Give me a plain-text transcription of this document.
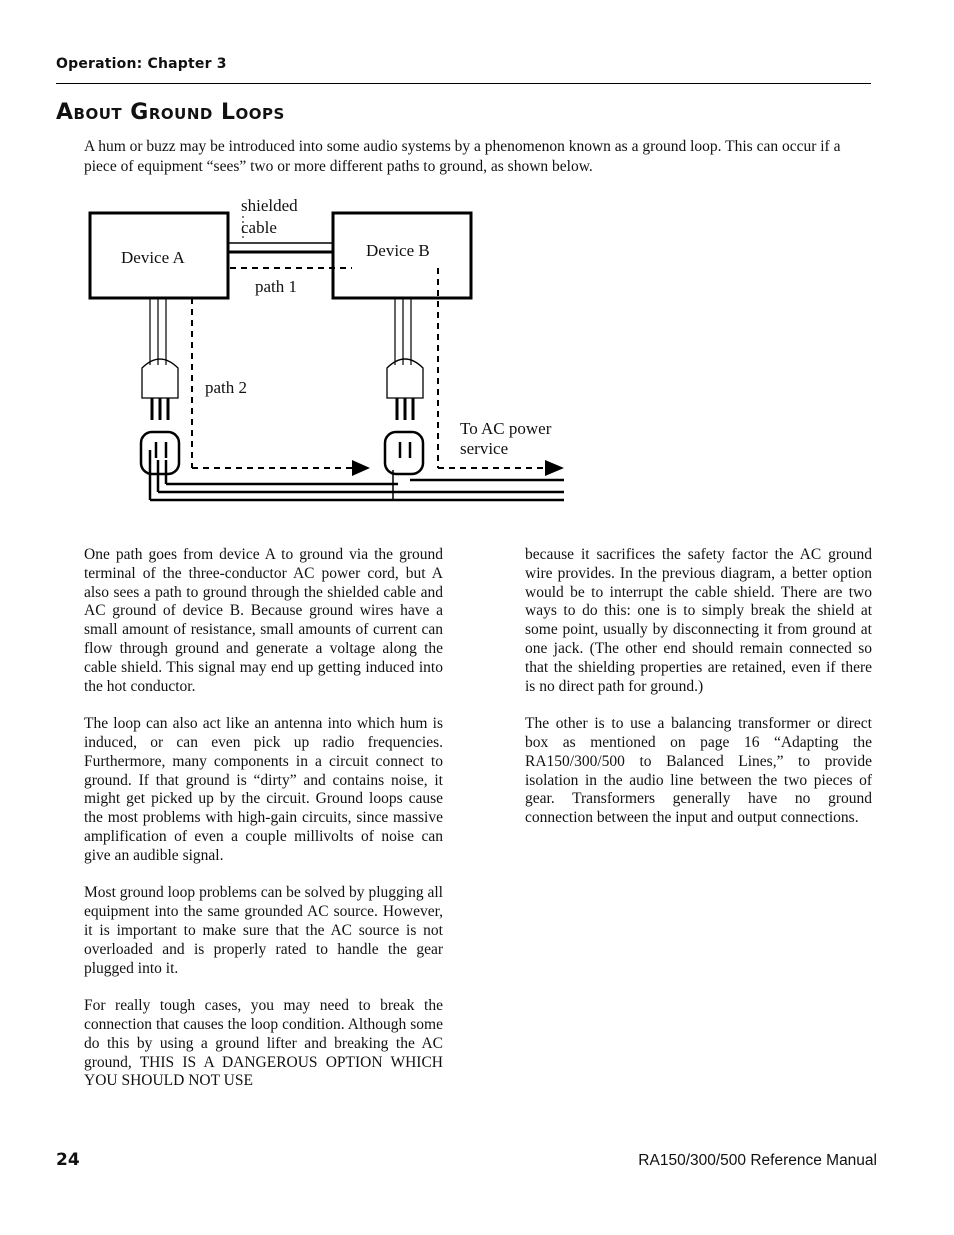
Operation: Chapter 3
About Ground Loops
A hum or buzz may be introduced into some audio systems by a phenomenon known as a ground loop. This can occur if a piece of equipment “sees” two or more different paths to ground, as shown below.
Device A	Device B
shielded
cable
path 1
path 2
To AC power
service

One path goes from device A to ground via the ground terminal of the three-conductor AC power cord, but A also sees a path to ground through the shielded cable and AC ground of device B. Because ground wires have a small amount of resistance, small amounts of current can flow through ground and generate a voltage along the cable shield. This signal may end up getting induced into the hot conductor.

The loop can also act like an antenna into which hum is induced, or can even pick up radio frequencies. Furthermore, many components in a circuit connect to ground. If that ground is “dirty” and contains noise, it might get picked up by the circuit. Ground loops cause the most problems with high-gain circuits, since massive amplification of even a couple millivolts of noise can give an audible signal.

Most ground loop problems can be solved by plugging all equipment into the same grounded AC source. However, it is important to make sure that the AC source is not overloaded and is properly rated to handle the gear plugged into it.

For really tough cases, you may need to break the connection that causes the loop condition. Although some do this by using a ground lifter and breaking the AC ground, THIS IS A DANGEROUS OPTION WHICH YOU SHOULD NOT USE

because it sacrifices the safety factor the AC ground wire provides. In the previous diagram, a better option would be to interrupt the cable shield. There are two ways to do this: one is to simply break the shield at some point, usually by disconnecting it from ground at one jack. (The other end should remain connected so that the shielding properties are retained, even if there is no direct path for ground.)

The other is to use a balancing transformer or direct box as mentioned on page 16 “Adapting the RA150/300/500 to Balanced Lines,” to provide isolation in the audio line between the two pieces of gear. Transformers generally have no ground connection between the input and output connections.

24	RA150/300/500 Reference Manual
